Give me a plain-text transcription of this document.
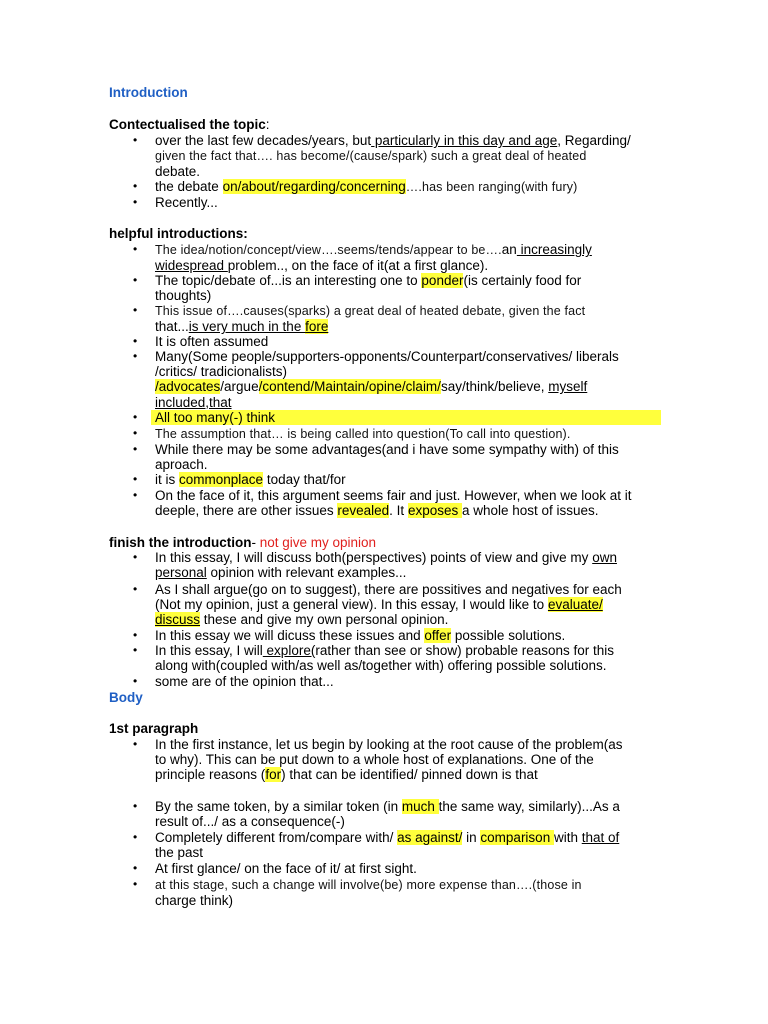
Introduction
Contectualised the topic:
• over the last few decades/years, but particularly in this day and age, Regarding/
given the fact that…. has become/(cause/spark) such a great deal of heated
debate.
• the debate on/about/regarding/concerning….has been ranging(with fury)
• Recently...
helpful introductions:
• The idea/notion/concept/view….seems/tends/appear to be….an increasingly
widespread problem.., on the face of it(at a first glance).
• The topic/debate of...is an interesting one to ponder(is certainly food for
thoughts)
• This issue of….causes(sparks) a great deal of heated debate, given the fact
that...is very much in the fore
• It is often assumed
• Many(Some people/supporters-opponents/Counterpart/conservatives/ liberals
/critics/ tradicionalists)
/advocates/argue/contend/Maintain/opine/claim/say/think/believe, myself
included,that
• All too many(-) think
• The assumption that… is being called into question(To call into question).
• While there may be some advantages(and i have some sympathy with) of this
aproach.
• it is commonplace today that/for
• On the face of it, this argument seems fair and just. However, when we look at it
deeple, there are other issues revealed. It exposes a whole host of issues.
finish the introduction- not give my opinion
• In this essay, I will discuss both(perspectives) points of view and give my own
personal opinion with relevant examples...
• As I shall argue(go on to suggest), there are possitives and negatives for each
(Not my opinion, just a general view). In this essay, I would like to evaluate/
discuss these and give my own personal opinion.
• In this essay we will dicuss these issues and offer possible solutions.
• In this essay, I will explore(rather than see or show) probable reasons for this
along with(coupled with/as well as/together with) offering possible solutions.
• some are of the opinion that...
Body
1st paragraph
• In the first instance, let us begin by looking at the root cause of the problem(as
to why). This can be put down to a whole host of explanations. One of the
principle reasons (for) that can be identified/ pinned down is that
• By the same token, by a similar token (in much the same way, similarly)...As a
result of.../ as a consequence(-)
• Completely different from/compare with/ as against/ in comparison with that of
the past
• At first glance/ on the face of it/ at first sight.
• at this stage, such a change will involve(be) more expense than….(those in
charge think)
